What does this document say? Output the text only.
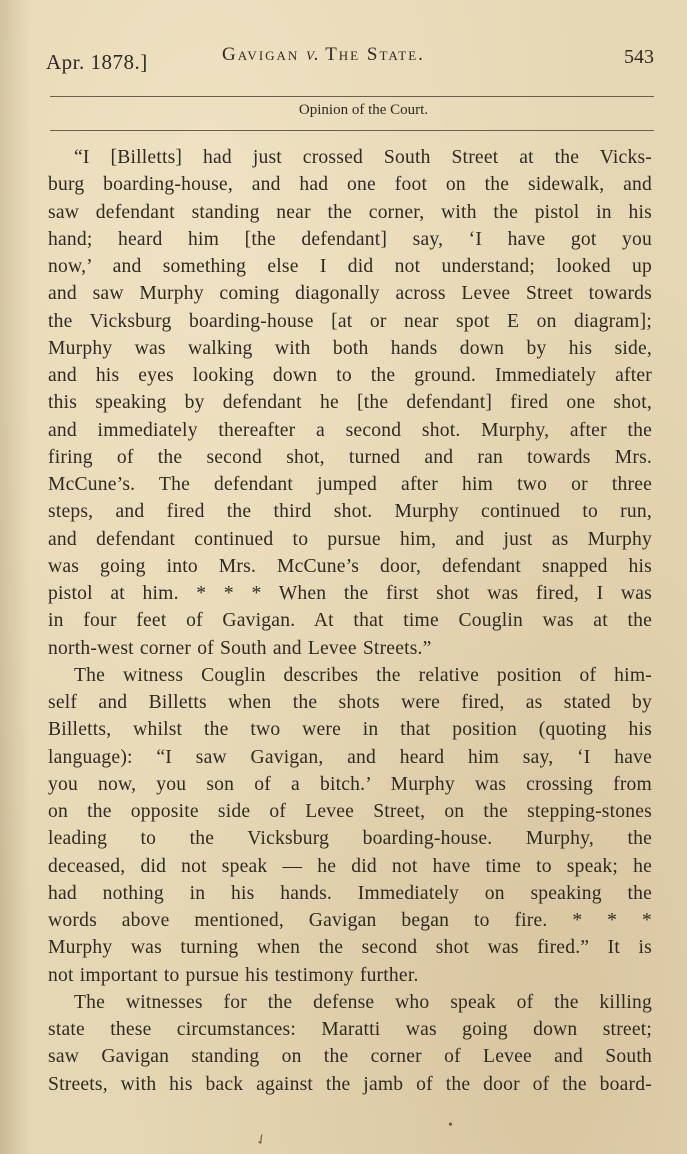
Apr. 1878.]	Gavigan v. The State.	543
Opinion of the Court.
“I [Billetts] had just crossed South Street at the Vicks-
burg boarding-house, and had one foot on the sidewalk, and
saw defendant standing near the corner, with the pistol in his
hand; heard him [the defendant] say, ‘I have got you
now,’ and something else I did not understand; looked up
and saw Murphy coming diagonally across Levee Street towards
the Vicksburg boarding-house [at or near spot E on diagram];
Murphy was walking with both hands down by his side,
and his eyes looking down to the ground. Immediately after
this speaking by defendant he [the defendant] fired one shot,
and immediately thereafter a second shot. Murphy, after the
firing of the second shot, turned and ran towards Mrs.
McCune’s. The defendant jumped after him two or three
steps, and fired the third shot. Murphy continued to run,
and defendant continued to pursue him, and just as Murphy
was going into Mrs. McCune’s door, defendant snapped his
pistol at him. * * * When the first shot was fired, I was
in four feet of Gavigan. At that time Couglin was at the
north-west corner of South and Levee Streets.”
The witness Couglin describes the relative position of him-
self and Billetts when the shots were fired, as stated by
Billetts, whilst the two were in that position (quoting his
language): “I saw Gavigan, and heard him say, ‘I have
you now, you son of a bitch.’ Murphy was crossing from
on the opposite side of Levee Street, on the stepping-stones
leading to the Vicksburg boarding-house. Murphy, the
deceased, did not speak — he did not have time to speak; he
had nothing in his hands. Immediately on speaking the
words above mentioned, Gavigan began to fire. * * *
Murphy was turning when the second shot was fired.” It is
not important to pursue his testimony further.
The witnesses for the defense who speak of the killing
state these circumstances: Maratti was going down street;
saw Gavigan standing on the corner of Levee and South
Streets, with his back against the jamb of the door of the board-
•
✓
